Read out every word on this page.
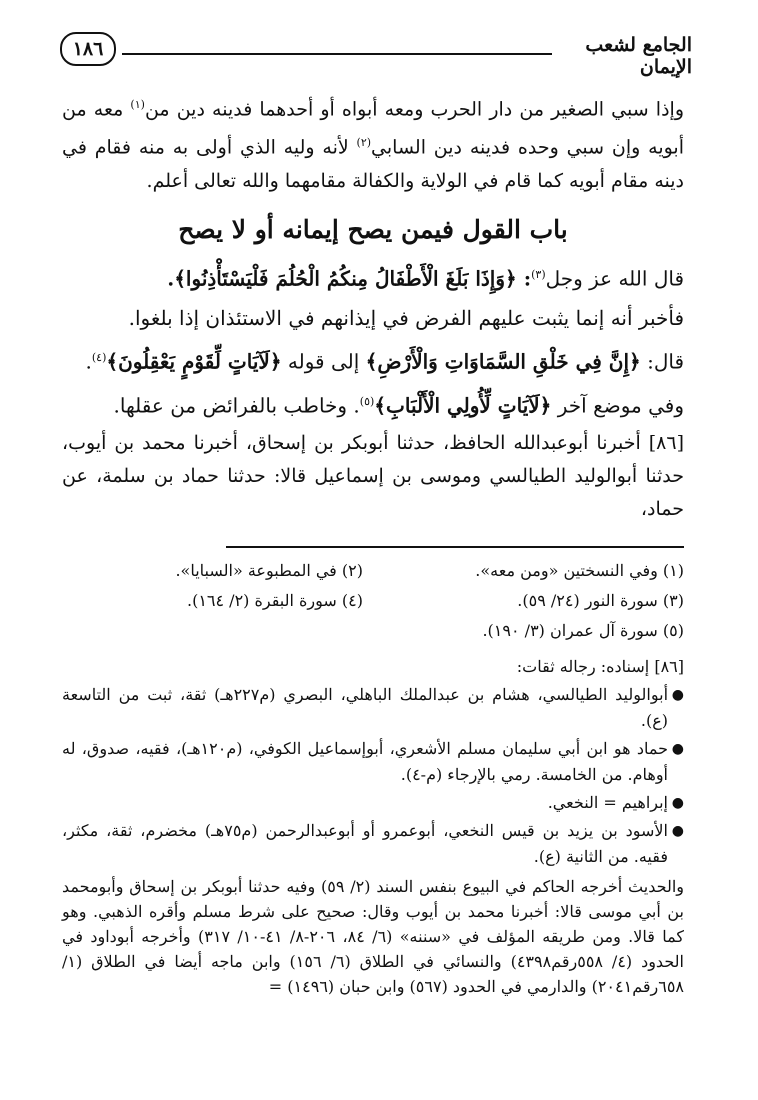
١٨٦	الجامع لشعب الإيمان

وإذا سبي الصغير من دار الحرب ومعه أبواه أو أحدهما فدينه دين من$^{(١)}$ معه من أبويه وإن سبي وحده فدينه دين السابي$^{(٢)}$ لأنه وليه الذي أولى به منه فقام في دينه مقام أبويه كما قام في الولاية والكفالة مقامهما والله تعالى أعلم.

باب القول فيمن يصح إيمانه أو لا يصح

قال الله عز وجل$^{(٣)}$: ﴿وَإِذَا بَلَغَ الْأَطْفَالُ مِنكُمُ الْحُلُمَ فَلْيَسْتَأْذِنُوا﴾.

فأخبر أنه إنما يثبت عليهم الفرض في إيذانهم في الاستئذان إذا بلغوا.

قال: ﴿إِنَّ فِي خَلْقِ السَّمَاوَاتِ وَالْأَرْضِ﴾ إلى قوله ﴿لَآيَاتٍ لِّقَوْمٍ يَعْقِلُونَ﴾$^{(٤)}$.

وفي موضع آخر ﴿لَآيَاتٍ لِّأُولِي الْأَلْبَابِ﴾$^{(٥)}$. وخاطب بالفرائض من عقلها.

[٨٦] أخبرنا أبوعبدالله الحافظ، حدثنا أبوبكر بن إسحاق، أخبرنا محمد بن أيوب، حدثنا أبوالوليد الطيالسي وموسى بن إسماعيل قالا: حدثنا حماد بن سلمة، عن حماد،

(١) وفي النسختين «ومن معه».
(٢) في المطبوعة «السبايا».
(٣) سورة النور (٢٤/ ٥٩).
(٤) سورة البقرة (٢/ ١٦٤).
(٥) سورة آل عمران (٣/ ١٩٠).
[٨٦] إسناده: رجاله ثقات:
●
أبوالوليد الطيالسي، هشام بن عبدالملك الباهلي، البصري (م٢٢٧هـ) ثقة، ثبت من التاسعة (ع).
●
حماد هو ابن أبي سليمان مسلم الأشعري، أبوإسماعيل الكوفي، (م١٢٠هـ)، فقيه، صدوق، له أوهام. من الخامسة. رمي بالإرجاء (م-٤).
●
إبراهيم = النخعي.
●
الأسود بن يزيد بن قيس النخعي، أبوعمرو أو أبوعبدالرحمن (م٧٥هـ) مخضرم، ثقة، مكثر، فقيه. من الثانية (ع).
والحديث أخرجه الحاكم في البيوع بنفس السند (٢/ ٥٩) وفيه حدثنا أبوبكر بن إسحاق وأبومحمد بن أبي موسى قالا: أخبرنا محمد بن أيوب وقال: صحيح على شرط مسلم وأقره الذهبي. وهو كما قالا. ومن طريقه المؤلف في «سننه» (٦/ ٨٤، ٢٠٦-٨/ ٤١-١٠/ ٣١٧) وأخرجه أبوداود في الحدود (٤/ ٥٥٨رقم٤٣٩٨) والنسائي في الطلاق (٦/ ١٥٦) وابن ماجه أيضا في الطلاق (١/ ٦٥٨رقم٢٠٤١) والدارمي في الحدود (٥٦٧) وابن حبان (١٤٩٦) =
